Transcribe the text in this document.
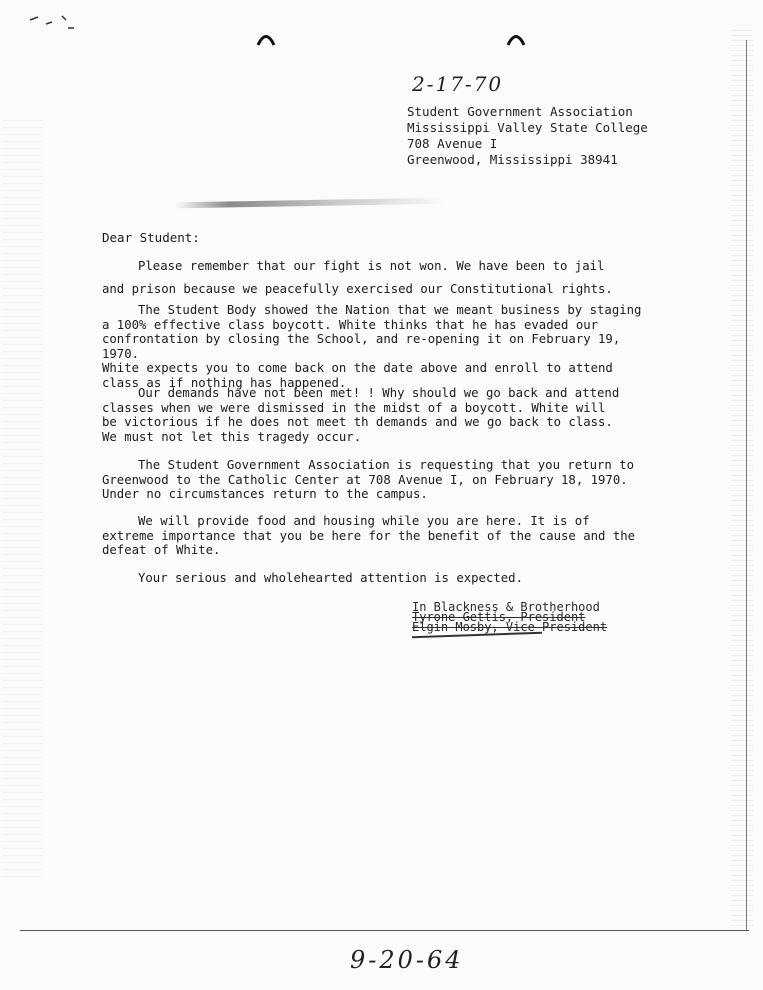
2-17-70
Student Government Association
Mississippi Valley State College
708 Avenue I
Greenwood, Mississippi 38941
Dear Student:
Please remember that our fight is not won. We have been to jail
and prison because we peacefully exercised our Constitutional rights.
The Student Body showed the Nation that we meant business by staging
a 100% effective class boycott. White thinks that he has evaded our
confrontation by closing the School, and re-opening it on February 19, 1970.
White expects you to come back on the date above and enroll to attend
class as if nothing has happened.
Our demands have not been met! ! Why should we go back and attend
classes when we were dismissed in the midst of a boycott. White will
be victorious if he does not meet th demands and we go back to class.
We must not let this tragedy occur.
The Student Government Association is requesting that you return to
Greenwood to the Catholic Center at 708 Avenue I, on February 18, 1970.
Under no circumstances return to the campus.
We will provide food and housing while you are here. It is of
extreme importance that you be here for the benefit of the cause and the
defeat of White.
Your serious and wholehearted attention is expected.
In Blackness & Brotherhood
Tyrone Gettis, President
Elgin Mosby, Vice-President
9-20-64
